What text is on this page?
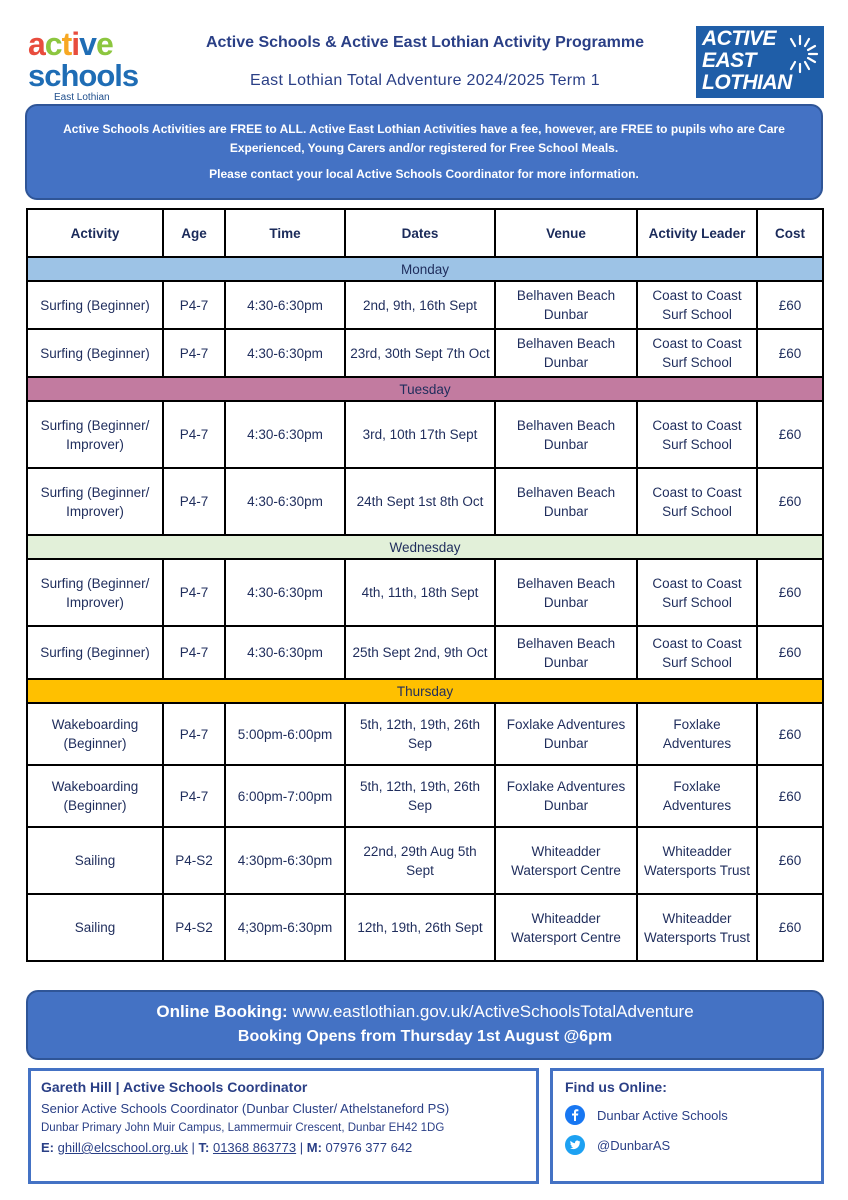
active
schools
East Lothian
Active Schools & Active East Lothian Activity Programme
East Lothian Total Adventure 2024/2025 Term 1
ACTIVE
EAST
LOTHIAN

Active Schools Activities are FREE to ALL. Active East Lothian Activities have a fee, however, are FREE to pupils who are Care Experienced, Young Carers and/or registered for Free School Meals.

Please contact your local Active Schools Coordinator for more information.

Activity	Age	Time	Dates	Venue	Activity Leader	Cost
Monday						
Surfing (Beginner)	P4-7	4:30-6:30pm	2nd, 9th, 16th Sept	Belhaven Beach Dunbar	Coast to Coast Surf School	£60
Surfing (Beginner)	P4-7	4:30-6:30pm	23rd, 30th Sept 7th Oct	Belhaven Beach Dunbar	Coast to Coast Surf School	£60
Tuesday						
Surfing (Beginner/ Improver)	P4-7	4:30-6:30pm	3rd, 10th 17th Sept	Belhaven Beach Dunbar	Coast to Coast Surf School	£60
Surfing (Beginner/ Improver)	P4-7	4:30-6:30pm	24th Sept 1st 8th Oct	Belhaven Beach Dunbar	Coast to Coast Surf School	£60
Wednesday						
Surfing (Beginner/ Improver)	P4-7	4:30-6:30pm	4th, 11th, 18th Sept	Belhaven Beach Dunbar	Coast to Coast Surf School	£60
Surfing (Beginner)	P4-7	4:30-6:30pm	25th Sept 2nd, 9th Oct	Belhaven Beach Dunbar	Coast to Coast Surf School	£60
Thursday						
Wakeboarding (Beginner)	P4-7	5:00pm-6:00pm	5th, 12th, 19th, 26th Sep	Foxlake Adventures Dunbar	Foxlake Adventures	£60
Wakeboarding (Beginner)	P4-7	6:00pm-7:00pm	5th, 12th, 19th, 26th Sep	Foxlake Adventures Dunbar	Foxlake Adventures	£60
Sailing	P4-S2	4:30pm-6:30pm	22nd, 29th Aug 5th Sept	Whiteadder Watersport Centre	Whiteadder Watersports Trust	£60
Sailing	P4-S2	4;30pm-6:30pm	12th, 19th, 26th Sept	Whiteadder Watersport Centre	Whiteadder Watersports Trust	£60
Online Booking: www.eastlothian.gov.uk/ActiveSchoolsTotalAdventure
Booking Opens from Thursday 1st August @6pm
Gareth Hill | Active Schools Coordinator
Senior Active Schools Coordinator (Dunbar Cluster/ Athelstaneford PS)
Dunbar Primary John Muir Campus, Lammermuir Crescent, Dunbar EH42 1DG
E: ghill@elcschool.org.uk | T: 01368 863773 | M: 07976 377 642
Find us Online:
Dunbar Active Schools
@DunbarAS
